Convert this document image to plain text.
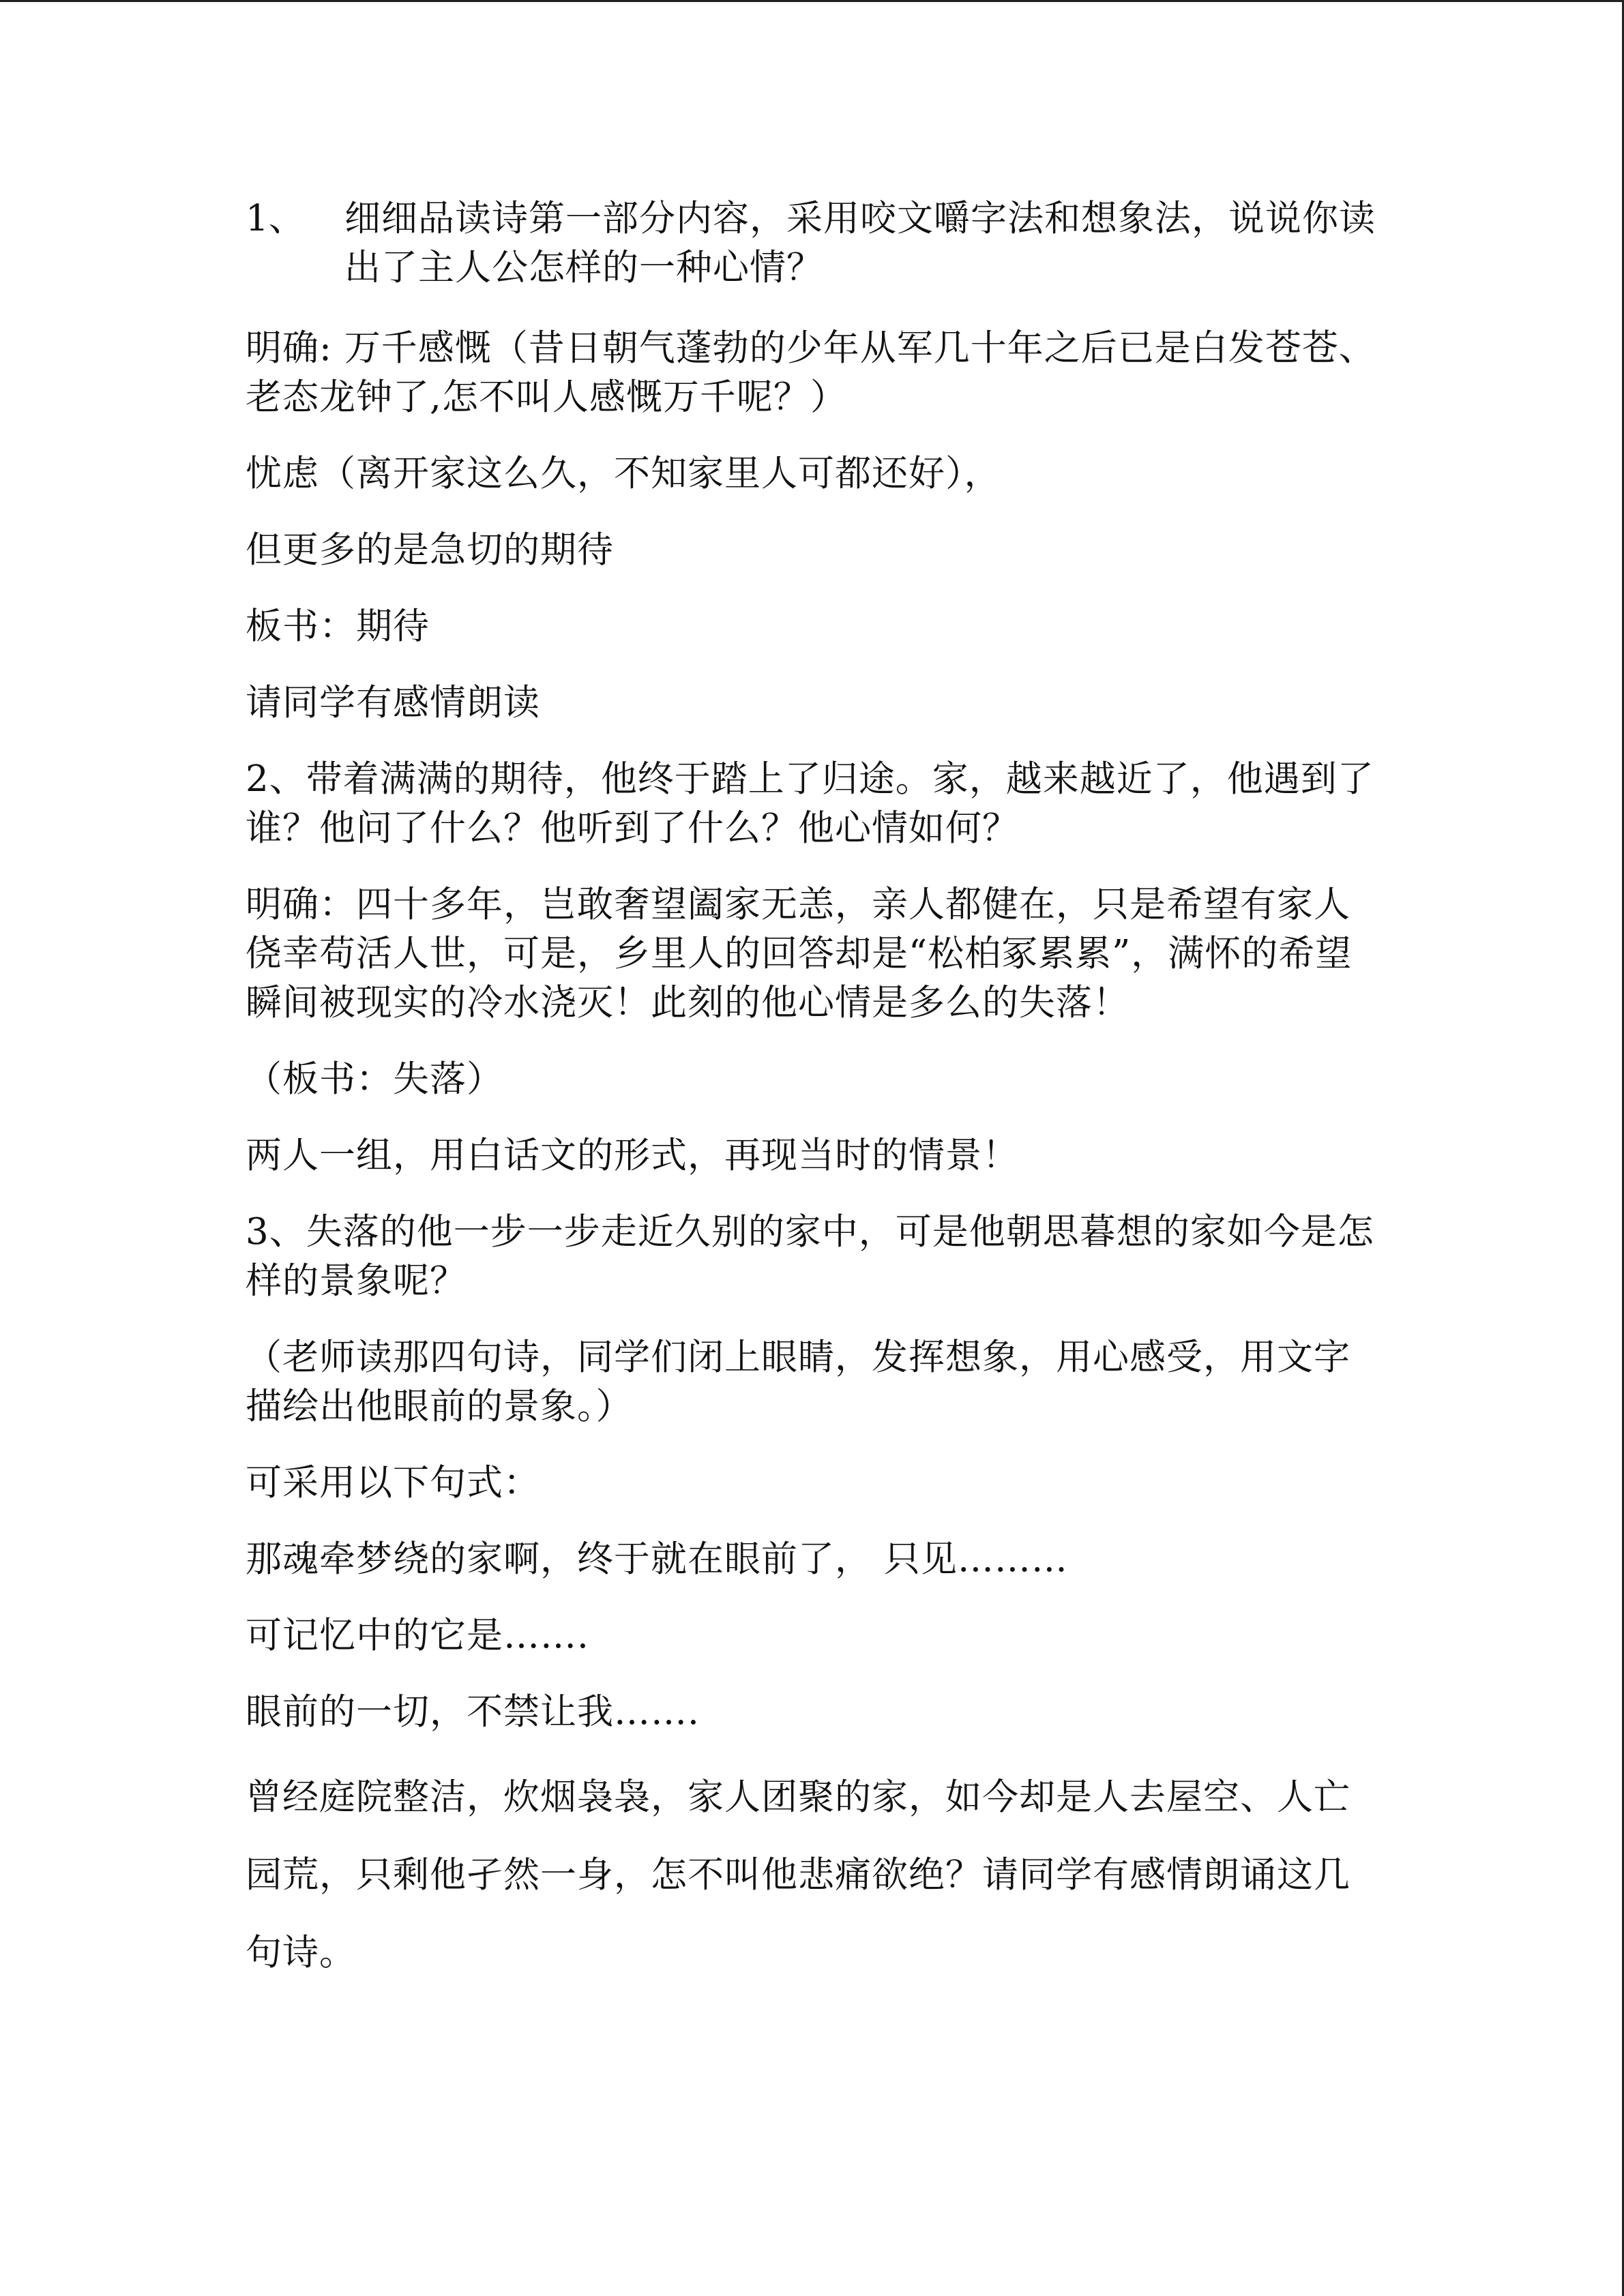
1、	细细品读诗第一部分内容，采用咬文嚼字法和想象法，说说你读出了主人公怎样的一种心情？

明确: 万千感慨（昔日朝气蓬勃的少年从军几十年之后已是白发苍苍、老态龙钟了,怎不叫人感慨万千呢？）

忧虑（离开家这么久，不知家里人可都还好），

但更多的是急切的期待

板书：期待

请同学有感情朗读

2、带着满满的期待，他终于踏上了归途。家，越来越近了，他遇到了谁？他问了什么？他听到了什么？他心情如何？

明确：四十多年，岂敢奢望阖家无恙，亲人都健在，只是希望有家人侥幸苟活人世，可是，乡里人的回答却是“松柏冢累累”，满怀的希望瞬间被现实的冷水浇灭！此刻的他心情是多么的失落！

（板书：失落）

两人一组，用白话文的形式，再现当时的情景！

3、失落的他一步一步走近久别的家中，可是他朝思暮想的家如今是怎样的景象呢？

（老师读那四句诗，同学们闭上眼睛，发挥想象，用心感受，用文字描绘出他眼前的景象。）

可采用以下句式：

那魂牵梦绕的家啊，终于就在眼前了， 只见………

可记忆中的它是…….

眼前的一切，不禁让我…….

曾经庭院整洁，炊烟袅袅，家人团聚的家，如今却是人去屋空、人亡园荒，只剩他孑然一身，怎不叫他悲痛欲绝？请同学有感情朗诵这几句诗。
